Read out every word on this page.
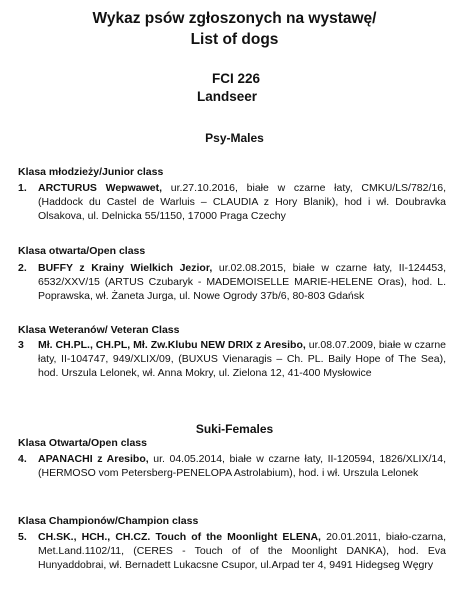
Wykaz psów zgłoszonych na wystawę/
List of dogs
FCI 226
Landseer
Psy-Males
Klasa młodzieży/Junior class
1. ARCTURUS Wepwawet, ur.27.10.2016, białe w czarne łaty, CMKU/LS/782/16, (Haddock du Castel de Warluis – CLAUDIA z Hory Blanik), hod i wł. Doubravka Olsakova, ul. Delnicka 55/1150, 17000 Praga Czechy
Klasa otwarta/Open class
2. BUFFY z Krainy Wielkich Jezior, ur.02.08.2015, białe w czarne łaty, II-124453, 6532/XXV/15 (ARTUS Czubaryk - MADEMOISELLE MARIE-HELENE Oras), hod. L. Poprawska, wł. Żaneta Jurga, ul. Nowe Ogrody 37b/6, 80-803 Gdańsk
Klasa Weteranów/ Veteran Class
3 Mł. CH.PL., CH.PL, Mł. Zw.Klubu NEW DRIX z Aresibo, ur.08.07.2009, białe w czarne łaty, II-104747, 949/XLIX/09, (BUXUS Vienaragis – Ch. PL. Baily Hope of The Sea), hod. Urszula Lelonek, wł. Anna Mokry, ul. Zielona 12, 41-400 Mysłowice
Suki-Females
Klasa Otwarta/Open class
4. APANACHI z Aresibo, ur. 04.05.2014, białe w czarne łaty, II-120594, 1826/XLIX/14, (HERMOSO vom Petersberg-PENELOPA Astrolabium), hod. i wł. Urszula Lelonek
Klasa Championów/Champion class
5. CH.SK., HCH., CH.CZ. Touch of the Moonlight ELENA, 20.01.2011, biało-czarna, Met.Land.1102/11, (CERES - Touch of of the Moonlight DANKA), hod. Eva Hunyaddobrai, wł. Bernadett Lukacsne Csupor, ul.Arpad ter 4, 9491 Hidegseg Węgry
